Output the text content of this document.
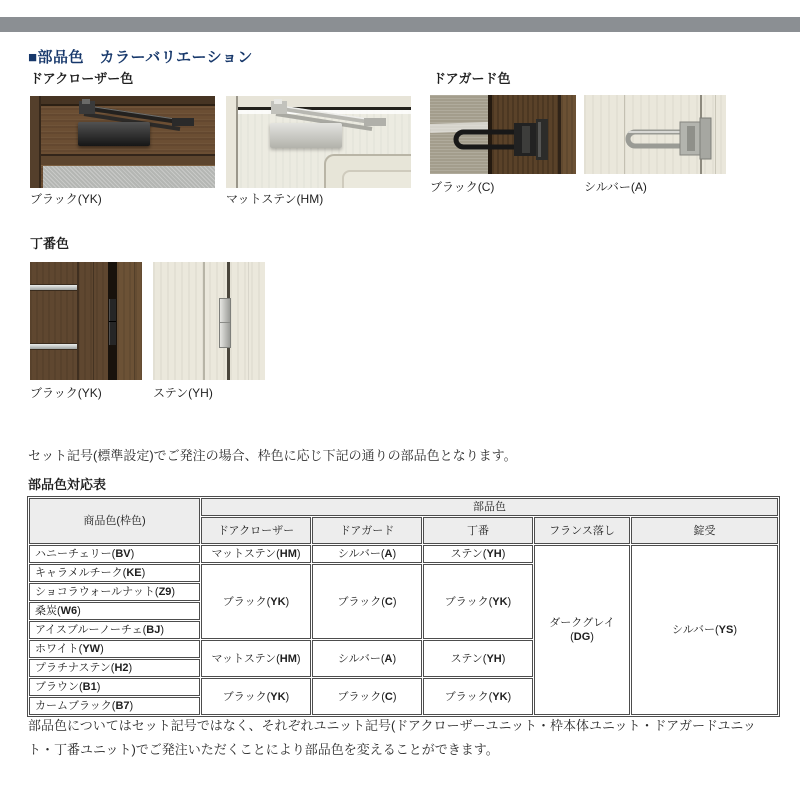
■部品色　カラーバリエーション
ドアクローザー色
ブラック(YK)	マットステン(HM)
ドアガード色
ブラック(C)	シルバー(A)
丁番色
ブラック(YK)	ステン(YH)
セット記号(標準設定)でご発注の場合、枠色に応じ下記の通りの部品色となります。
部品色対応表
商品色(枠色)	部品色				
	ドアクローザー	ドアガード	丁番	フランス落し	錠受
ハニーチェリー(BV)	マットステン(HM)	シルバー(A)	ステン(YH)	ダークグレイ(DG)	シルバー(YS)
キャラメルチーク(KE)	ブラック(YK)	ブラック(C)	ブラック(YK)		
ショコラウォールナット(Z9)					
桑炭(W6)					
アイスブルーノーチェ(BJ)					
ホワイト(YW)	マットステン(HM)	シルバー(A)	ステン(YH)		
プラチナステン(H2)					
ブラウン(B1)	ブラック(YK)	ブラック(C)	ブラック(YK)		
カームブラック(B7)					
部品色についてはセット記号ではなく、それぞれユニット記号(ドアクローザーユニット・枠本体ユニット・ドアガードユニット・丁番ユニット)でご発注いただくことにより部品色を変えることができます。
